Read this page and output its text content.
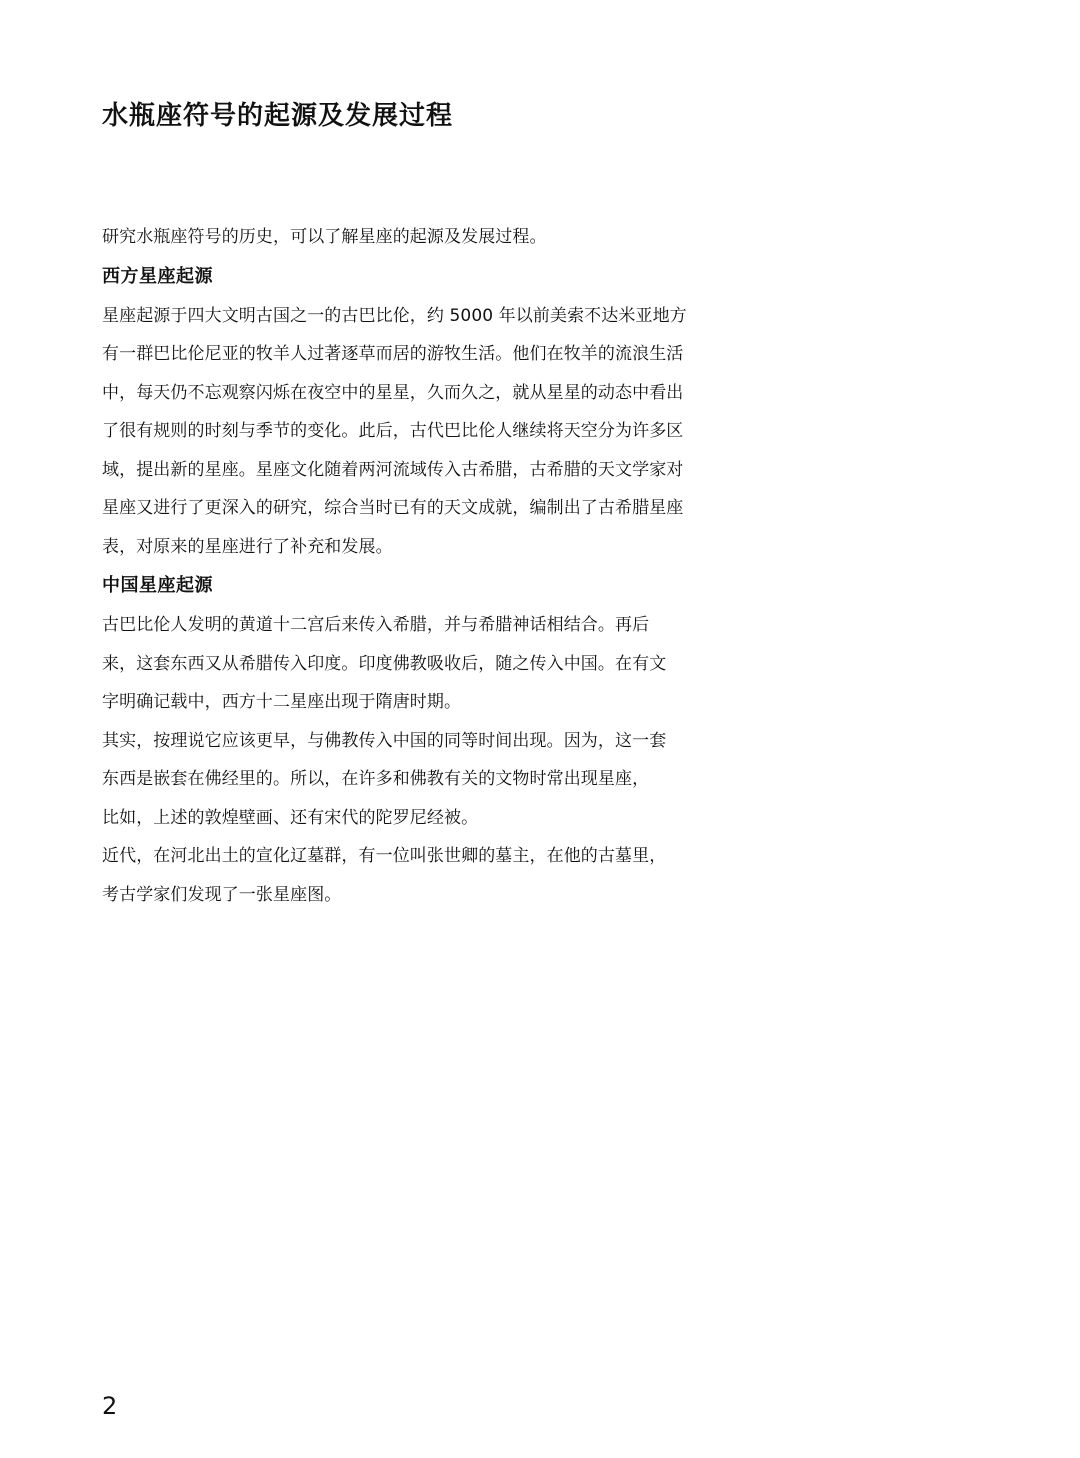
水瓶座符号的起源及发展过程

研究水瓶座符号的历史，可以了解星座的起源及发展过程。

西方星座起源

星座起源于四大文明古国之一的古巴比伦，约 5000 年以前美索不达米亚地方
有一群巴比伦尼亚的牧羊人过著逐草而居的游牧生活。他们在牧羊的流浪生活
中，每天仍不忘观察闪烁在夜空中的星星，久而久之，就从星星的动态中看出
了很有规则的时刻与季节的变化。此后，古代巴比伦人继续将天空分为许多区
域，提出新的星座。星座文化随着两河流域传入古希腊，古希腊的天文学家对
星座又进行了更深入的研究，综合当时已有的天文成就，编制出了古希腊星座
表，对原来的星座进行了补充和发展。

中国星座起源

古巴比伦人发明的黄道十二宫后来传入希腊，并与希腊神话相结合。再后
来，这套东西又从希腊传入印度。印度佛教吸收后，随之传入中国。在有文
字明确记载中，西方十二星座出现于隋唐时期。

其实，按理说它应该更早，与佛教传入中国的同等时间出现。因为，这一套
东西是嵌套在佛经里的。所以，在许多和佛教有关的文物时常出现星座，
比如，上述的敦煌壁画、还有宋代的陀罗尼经被。

近代，在河北出土的宣化辽墓群，有一位叫张世卿的墓主，在他的古墓里，
考古学家们发现了一张星座图。

2
